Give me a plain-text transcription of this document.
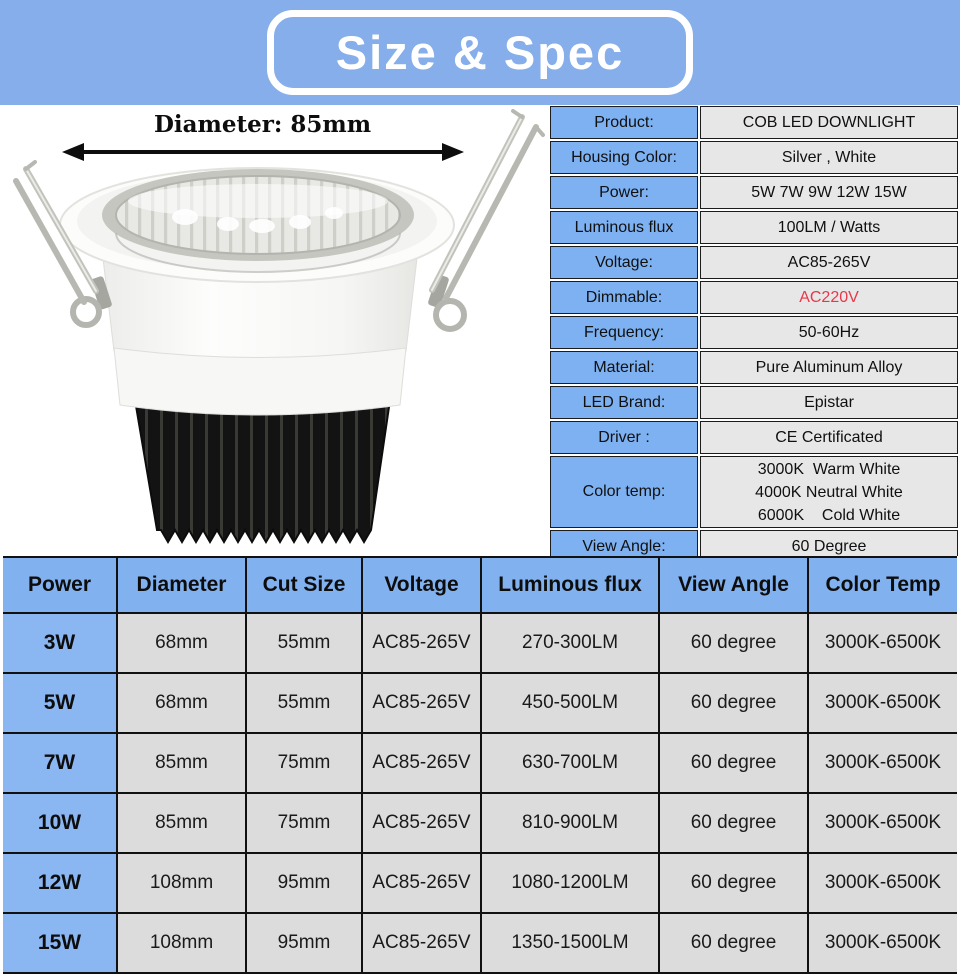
Size & Spec
Diameter: 85mm	Product:	COB LED DOWNLIGHT
Housing Color:	Silver , White
Power:	5W 7W 9W 12W 15W
Luminous flux	100LM / Watts
Voltage:	AC85-265V
Dimmable:	AC220V
Frequency:	50-60Hz
Material:	Pure Aluminum Alloy
LED Brand:	Epistar
Driver :	CE Certificated
Color temp:	3000K  Warm White
4000K Neutral White
6000K    Cold White

View Angle:	60 Degree
Power	Diameter	Cut Size	Voltage	Luminous flux	View Angle	Color Temp
3W	68mm	55mm	AC85-265V	270-300LM	60 degree	3000K-6500K
5W	68mm	55mm	AC85-265V	450-500LM	60 degree	3000K-6500K
7W	85mm	75mm	AC85-265V	630-700LM	60 degree	3000K-6500K
10W	85mm	75mm	AC85-265V	810-900LM	60 degree	3000K-6500K
12W	108mm	95mm	AC85-265V	1080-1200LM	60 degree	3000K-6500K
15W	108mm	95mm	AC85-265V	1350-1500LM	60 degree	3000K-6500K
